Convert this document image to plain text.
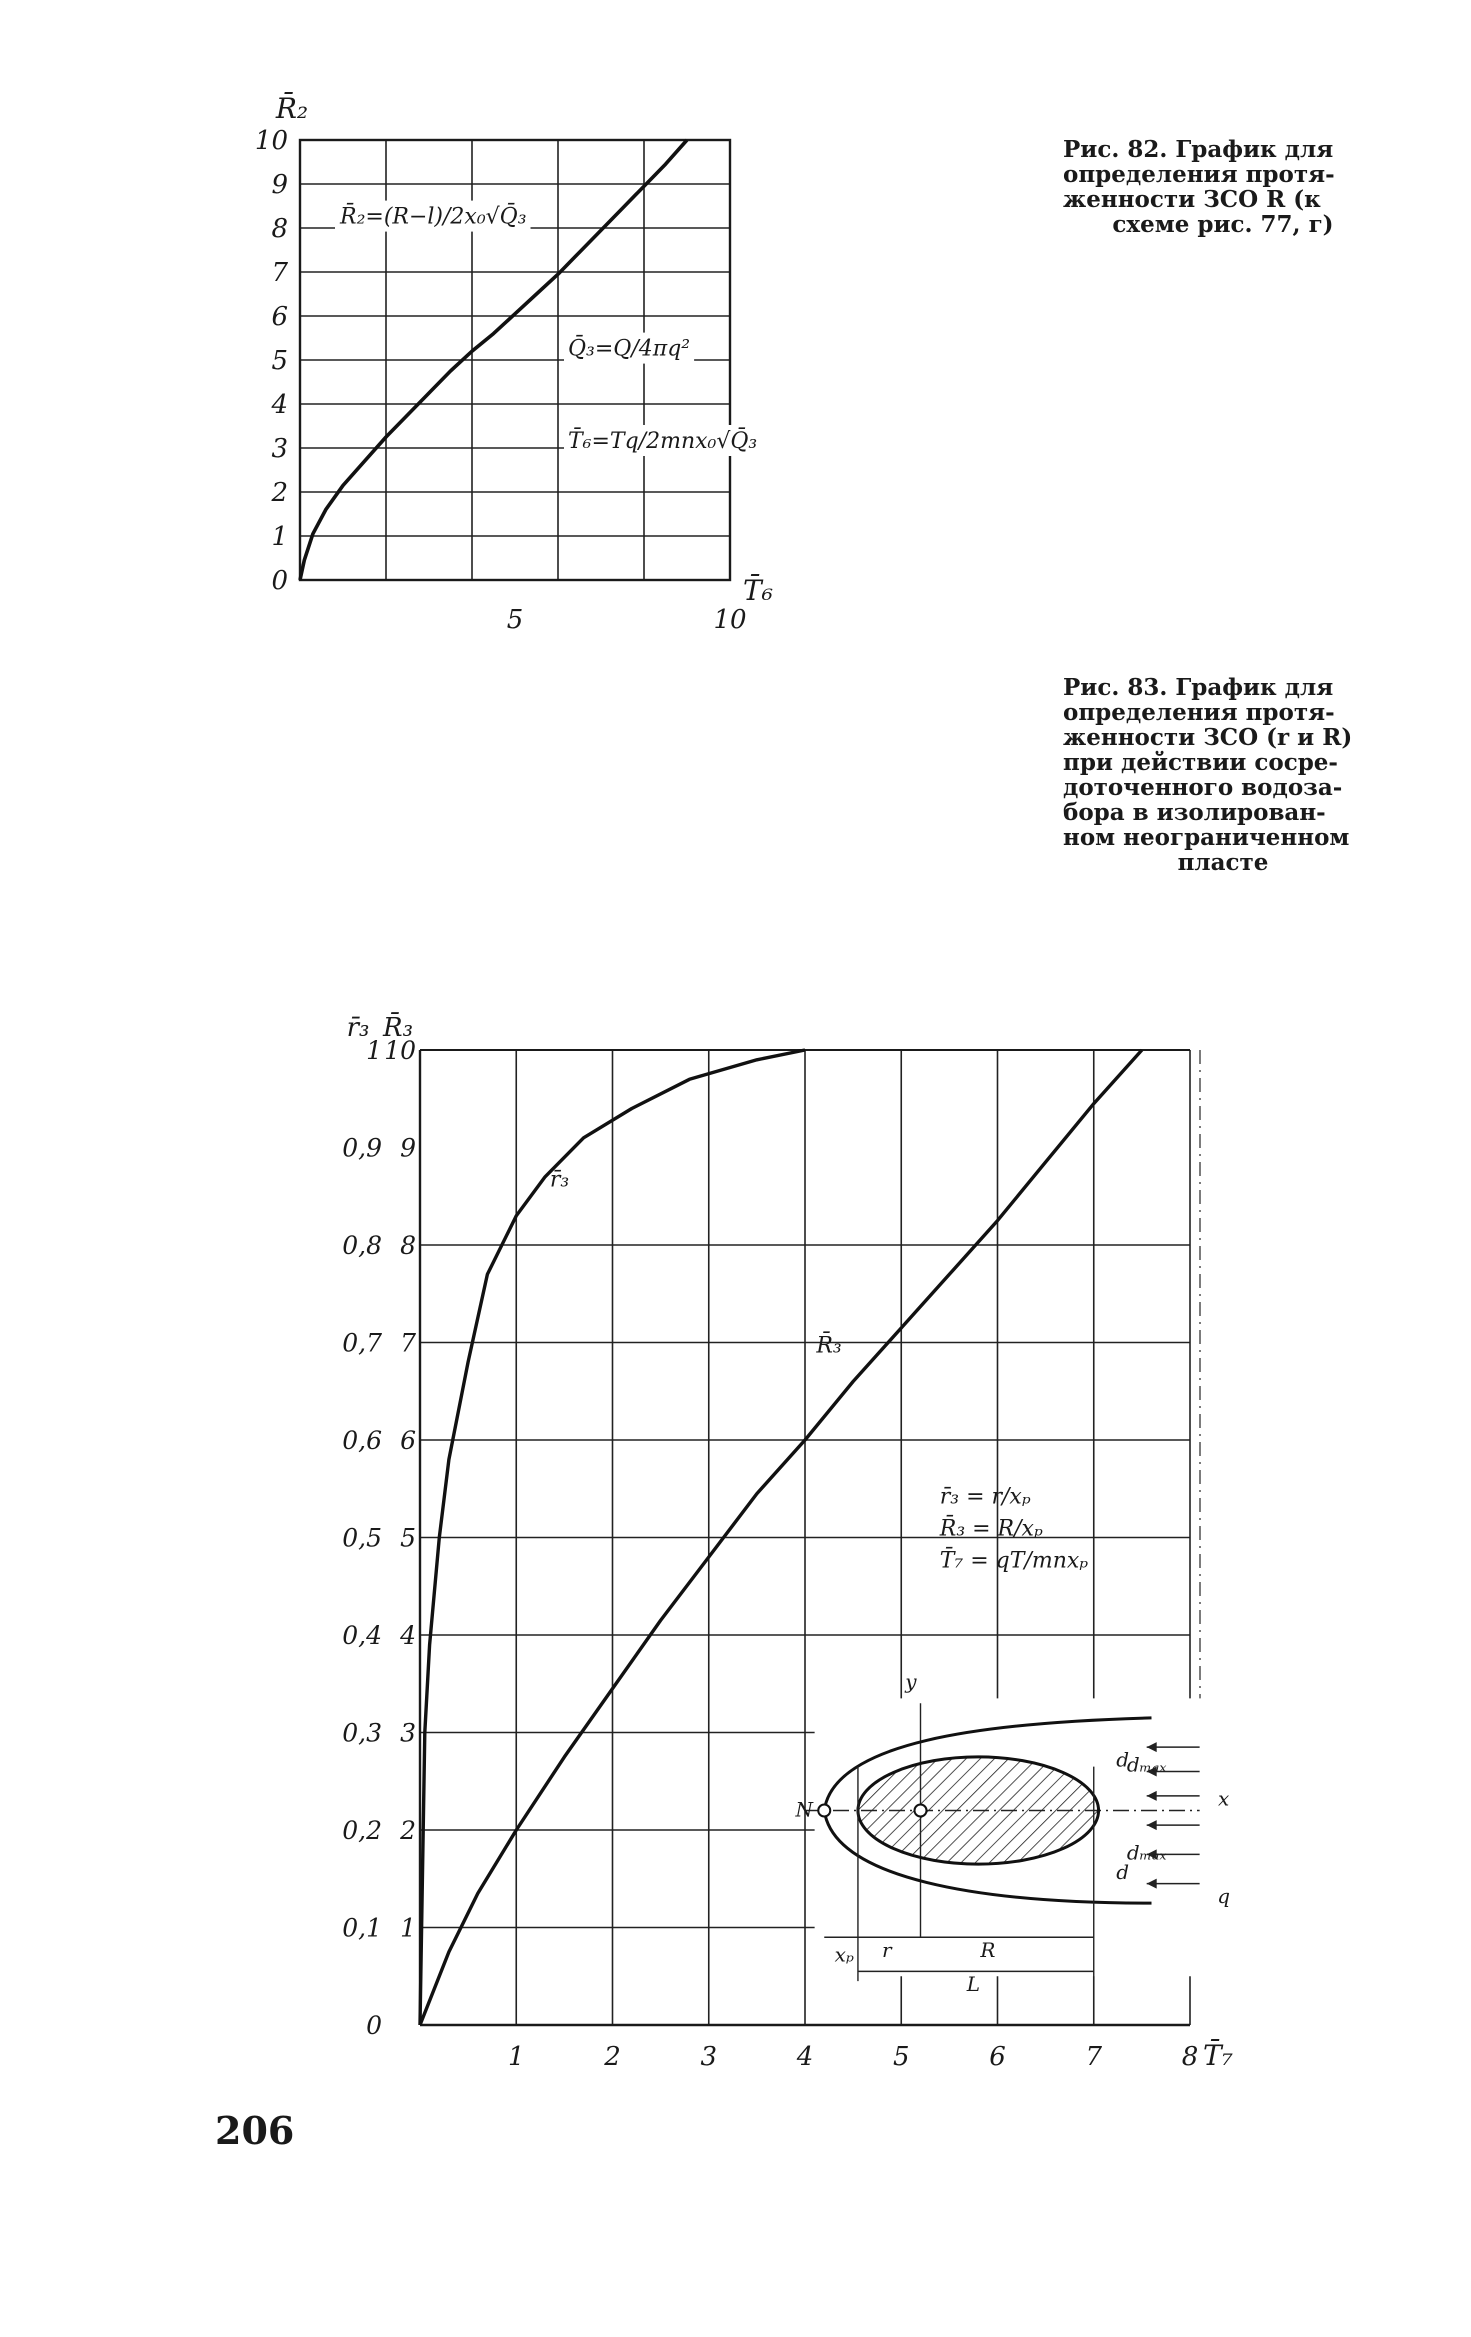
0
1
2
3
4
5
6
7
8
9
10
5	10
R̄₂
T̄₆
R̄₂=(R−l)/2x₀√Q̄₃
Q̄₃=Q/4πq²
T̄₆=Tq/2mnx₀√Q̄₃
0
0,1
0,2
0,3
0,4
0,5
0,6
0,7
0,8
0,9
1
1
2
3
4
5
6
7
8
9
10
1	2	3	4	5	6	7	8
r̄₃ R̄₃
T̄₇
r̄₃
R̄₃
r̄₃ = r/xₚ
R̄₃ = R/xₚ
T̄₇ = qT/mnxₚ
y
x
N
xₚ r	R
L
d
dₘₐₓ
dₘₐₓ
d
q
Рис. 82. График для
определения протя-
женности ЗСО R (к
схеме рис. 77, г)
Рис. 83. График для
определения протя-
женности ЗСО (r и R)
при действии сосре-
доточенного водоза-
бора в изолирован-
ном неограниченном
пласте
206
